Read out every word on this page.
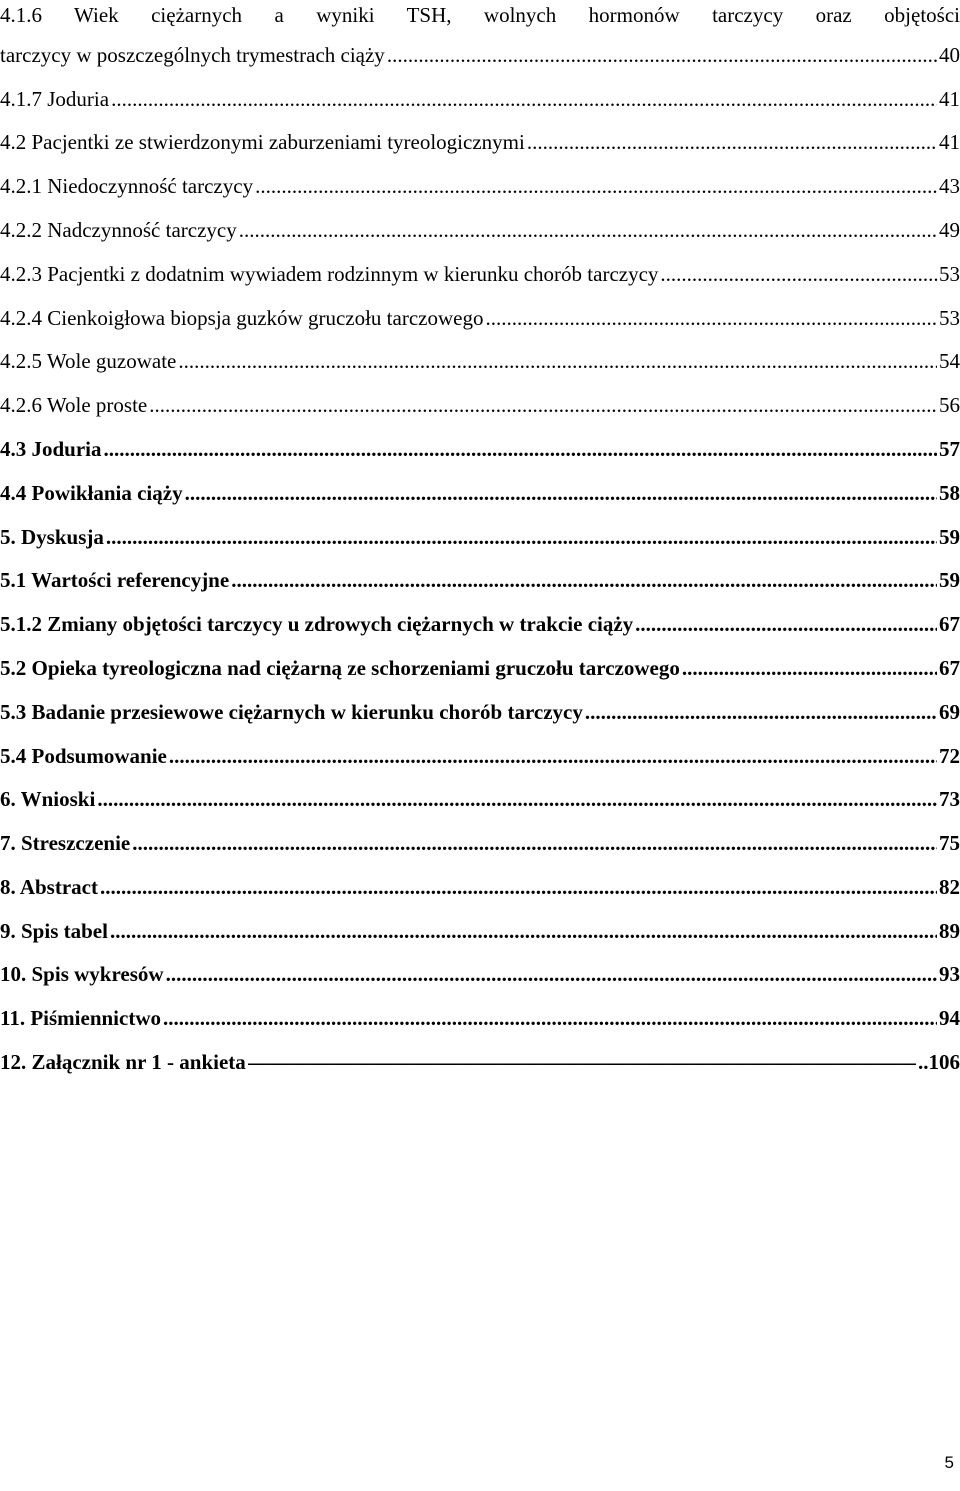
4.1.6 Wiek ciężarnych a wyniki TSH, wolnych hormonów tarczycy oraz objętości
tarczycy w poszczególnych trymestrach ciąży .....	40
4.1.7 Joduria .....	41
4.2 Pacjentki ze stwierdzonymi zaburzeniami tyreologicznymi .....	41
4.2.1 Niedoczynność tarczycy .....	43
4.2.2 Nadczynność tarczycy .....	49
4.2.3 Pacjentki z dodatnim wywiadem rodzinnym w kierunku chorób tarczycy .....	53
4.2.4 Cienkoigłowa biopsja guzków gruczołu tarczowego .....	53
4.2.5 Wole guzowate .....	54
4.2.6 Wole proste .....	56
4.3 Joduria .....	57
4.4 Powikłania ciąży .....	58
5. Dyskusja .....	59
5.1 Wartości referencyjne .....	59
5.1.2 Zmiany objętości tarczycy u zdrowych ciężarnych w trakcie ciąży .....	67
5.2 Opieka tyreologiczna nad ciężarną ze schorzeniami gruczołu tarczowego .....	67
5.3 Badanie przesiewowe ciężarnych w kierunku chorób tarczycy .....	69
5.4 Podsumowanie .....	72
6. Wnioski .....	73
7. Streszczenie .....	75
8. Abstract .....	82
9. Spis tabel .....	89
10. Spis wykresów .....	93
11. Piśmiennictwo .....	94
12. Załącznik nr 1 - ankieta —————	..106
5
